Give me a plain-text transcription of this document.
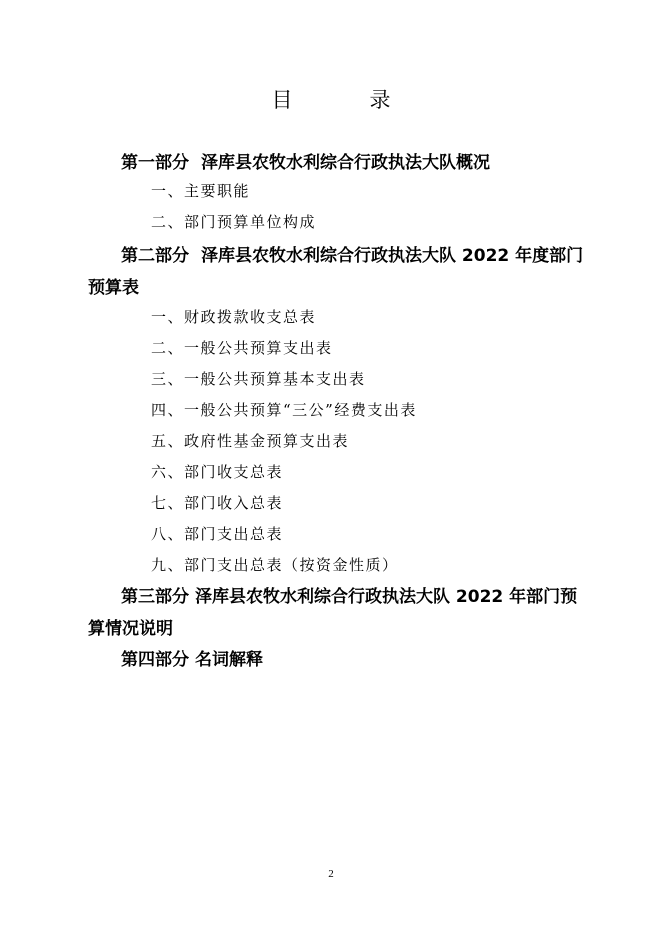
目　录
第一部分 泽库县农牧水利综合行政执法大队概况
一、主要职能
二、部门预算单位构成
第二部分 泽库县农牧水利综合行政执法大队 2022 年度部门预算表
一、财政拨款收支总表
二、一般公共预算支出表
三、一般公共预算基本支出表
四、一般公共预算“三公”经费支出表
五、政府性基金预算支出表
六、部门收支总表
七、部门收入总表
八、部门支出总表
九、部门支出总表（按资金性质）
第三部分 泽库县农牧水利综合行政执法大队 2022 年部门预算情况说明
第四部分 名词解释
2
